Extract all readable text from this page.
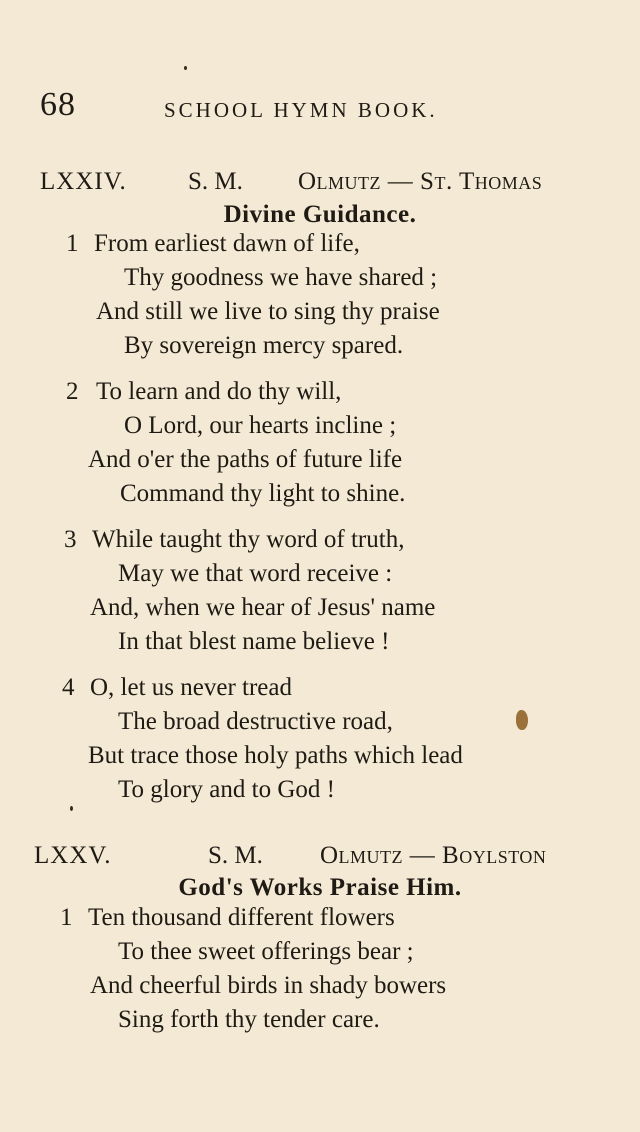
68	SCHOOL HYMN BOOK.
LXXIV. S. M. Olmutz — St. Thomas
Divine Guidance.
1 From earliest dawn of life,
Thy goodness we have shared ;
And still we live to sing thy praise
By sovereign mercy spared.
2 To learn and do thy will,
O Lord, our hearts incline ;
And o'er the paths of future life
Command thy light to shine.
3 While taught thy word of truth,
May we that word receive :
And, when we hear of Jesus' name
In that blest name believe !
4 O, let us never tread
The broad destructive road,
But trace those holy paths which lead
To glory and to God !
LXXV.	S. M. Olmutz — Boylston
God's Works Praise Him.
1 Ten thousand different flowers
To thee sweet offerings bear ;
And cheerful birds in shady bowers
Sing forth thy tender care.
